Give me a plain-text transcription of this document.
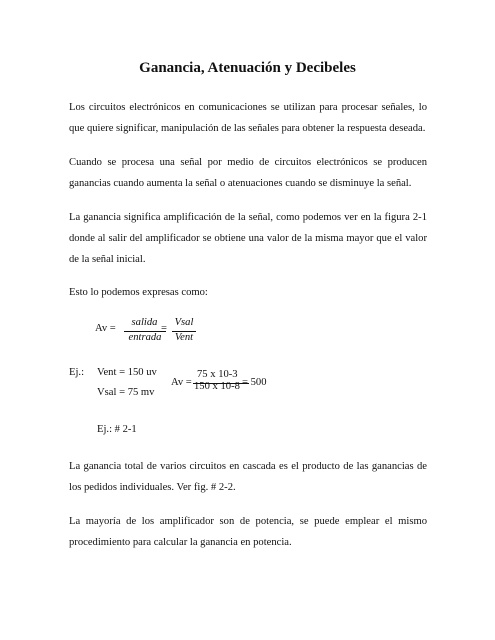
Ganancia, Atenuación y Decibeles
Los circuitos electrónicos en comunicaciones se utilizan para procesar señales, lo que quiere significar, manipulación de las señales para obtener la respuesta deseada.
Cuando se procesa una señal por medio de circuitos electrónicos se producen ganancias cuando aumenta la señal o atenuaciones cuando se disminuye la señal.
La ganancia significa amplificación de la señal, como podemos ver en la figura 2-1 donde al salir del amplificador se obtiene una valor de la misma mayor que el valor de la señal inicial.
Esto lo podemos expresas como:
Av =
salida
entrada
=
Vsal
Vent
Ej.: Vent = 150 uv
Vsal = 75 mv
Av =
75 x 10-3
150 x 10-8 = 500
Ej.: # 2-1
La ganancia total de varios circuitos en cascada es el producto de las ganancias de los pedidos individuales. Ver fig. # 2-2.
La mayoría de los amplificador son de potencia, se puede emplear el mismo procedimiento para calcular la ganancia en potencia.
